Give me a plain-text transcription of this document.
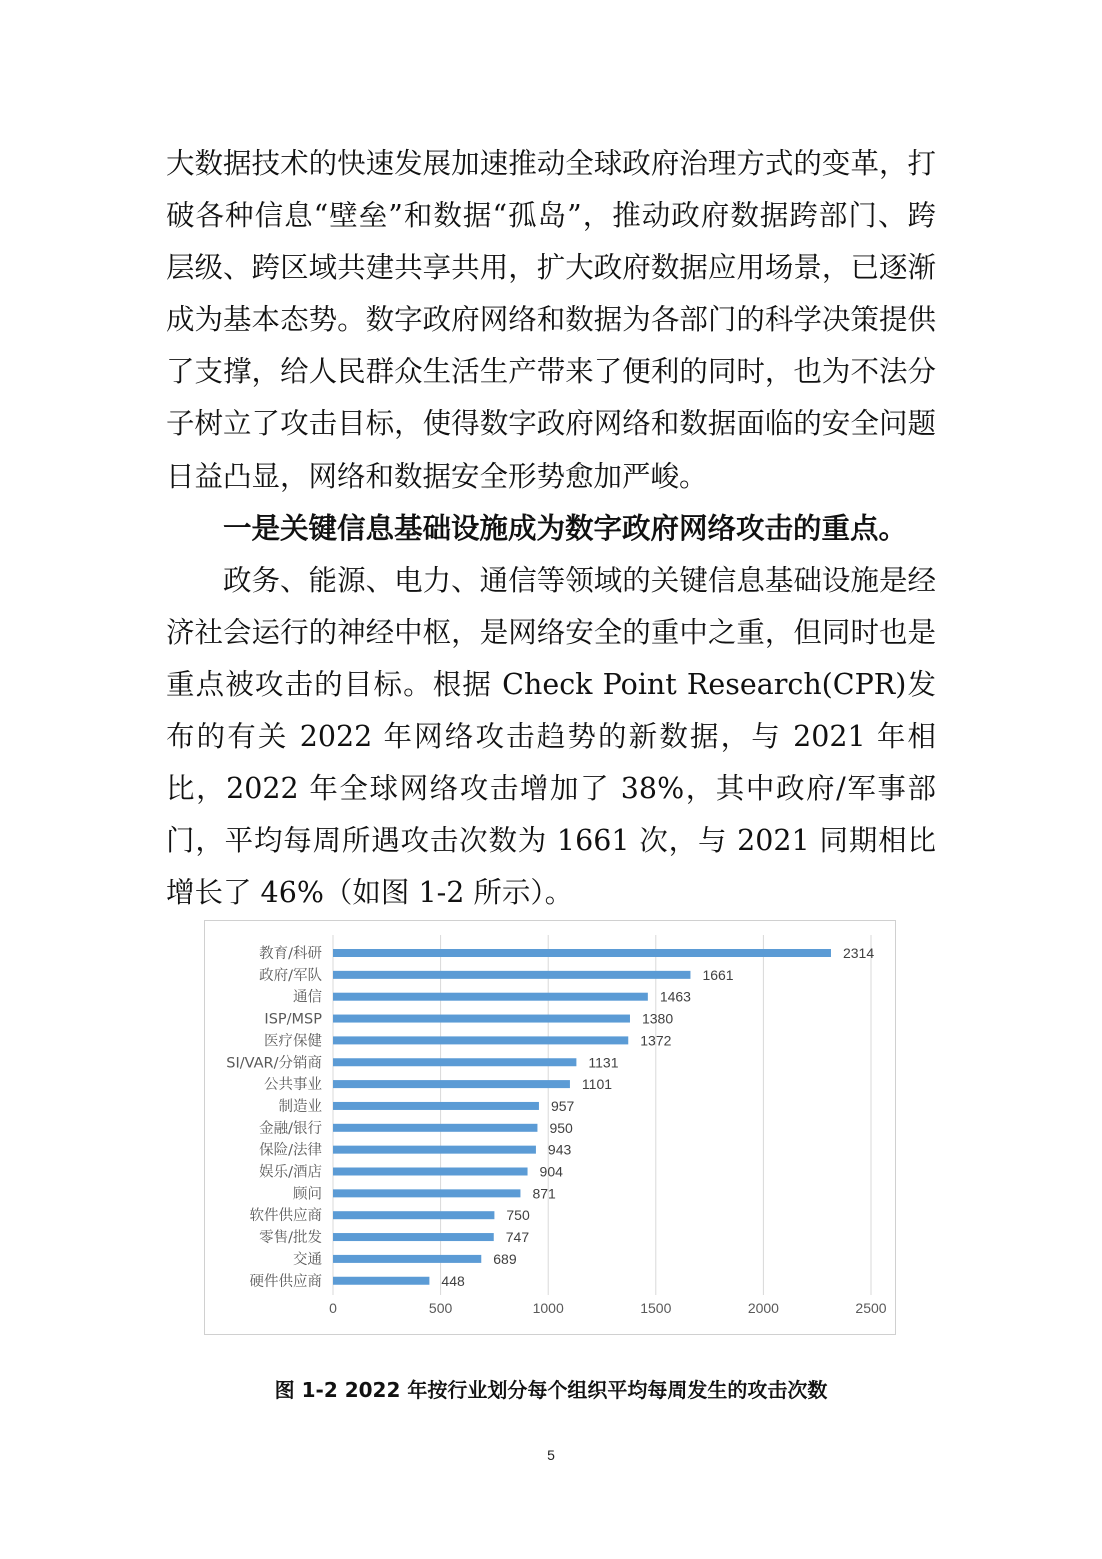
大数据技术的快速发展加速推动全球政府治理方式的变革，打破各种信息“壁垒”和数据“孤岛”，推动政府数据跨部门、跨层级、跨区域共建共享共用，扩大政府数据应用场景，已逐渐成为基本态势。数字政府网络和数据为各部门的科学决策提供了支撑，给人民群众生活生产带来了便利的同时，也为不法分子树立了攻击目标，使得数字政府网络和数据面临的安全问题日益凸显，网络和数据安全形势愈加严峻。

一是关键信息基础设施成为数字政府网络攻击的重点。

政务、能源、电力、通信等领域的关键信息基础设施是经济社会运行的神经中枢，是网络安全的重中之重，但同时也是重点被攻击的目标。根据 Check Point Research(CPR)发布的有关 2022 年网络攻击趋势的新数据，与 2021 年相比，2022 年全球网络攻击增加了 38%，其中政府/军事部门，平均每周所遇攻击次数为 1661 次，与 2021 同期相比增长了 46%（如图 1-2 所示）。

0	500	1000	1500	2000	2500
教育/科研	2314
政府/军队	1661
通信	1463
ISP/MSP	1380
医疗保健	1372
SI/VAR/分销商	1131
公共事业	1101
制造业	957
金融/银行	950
保险/法律	943
娱乐/酒店	904
顾问	871
软件供应商	750
零售/批发	747
交通	689
硬件供应商	448
图 1-2 2022 年按行业划分每个组织平均每周发生的攻击次数
5
